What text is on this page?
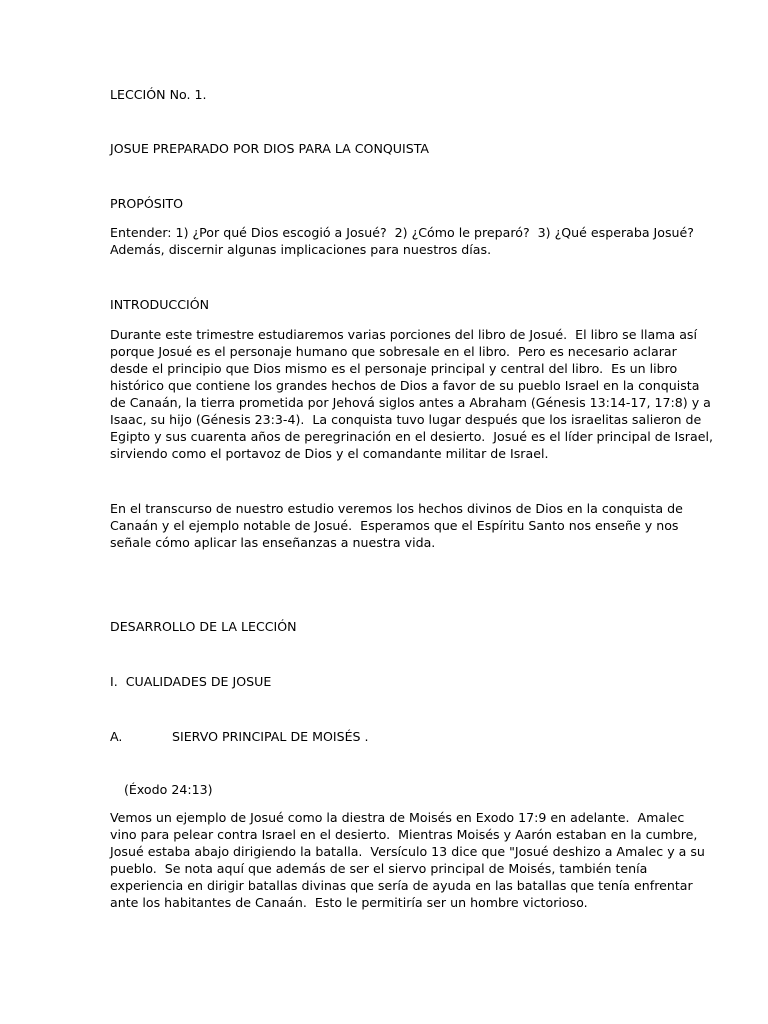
LECCIÓN No. 1.
JOSUE PREPARADO POR DIOS PARA LA CONQUISTA
PROPÓSITO
Entender: 1) ¿Por qué Dios escogió a Josué?  2) ¿Cómo le preparó?  3) ¿Qué esperaba Josué?
Además, discernir algunas implicaciones para nuestros días.
INTRODUCCIÓN
Durante este trimestre estudiaremos varias porciones del libro de Josué.  El libro se llama así
porque Josué es el personaje humano que sobresale en el libro.  Pero es necesario aclarar
desde el principio que Dios mismo es el personaje principal y central del libro.  Es un libro
histórico que contiene los grandes hechos de Dios a favor de su pueblo Israel en la conquista
de Canaán, la tierra prometida por Jehová siglos antes a Abraham (Génesis 13:14-17, 17:8) y a
Isaac, su hijo (Génesis 23:3-4).  La conquista tuvo lugar después que los israelitas salieron de
Egipto y sus cuarenta años de peregrinación en el desierto.  Josué es el líder principal de Israel,
sirviendo como el portavoz de Dios y el comandante militar de Israel.
En el transcurso de nuestro estudio veremos los hechos divinos de Dios en la conquista de
Canaán y el ejemplo notable de Josué.  Esperamos que el Espíritu Santo nos enseñe y nos
señale cómo aplicar las enseñanzas a nuestra vida.
DESARROLLO DE LA LECCIÓN
I.  CUALIDADES DE JOSUE
A.	SIERVO PRINCIPAL DE MOISÉS .
(Éxodo 24:13)
Vemos un ejemplo de Josué como la diestra de Moisés en Exodo 17:9 en adelante.  Amalec
vino para pelear contra Israel en el desierto.  Mientras Moisés y Aarón estaban en la cumbre,
Josué estaba abajo dirigiendo la batalla.  Versículo 13 dice que "Josué deshizo a Amalec y a su
pueblo.  Se nota aquí que además de ser el siervo principal de Moisés, también tenía
experiencia en dirigir batallas divinas que sería de ayuda en las batallas que tenía enfrentar
ante los habitantes de Canaán.  Esto le permitiría ser un hombre victorioso.
